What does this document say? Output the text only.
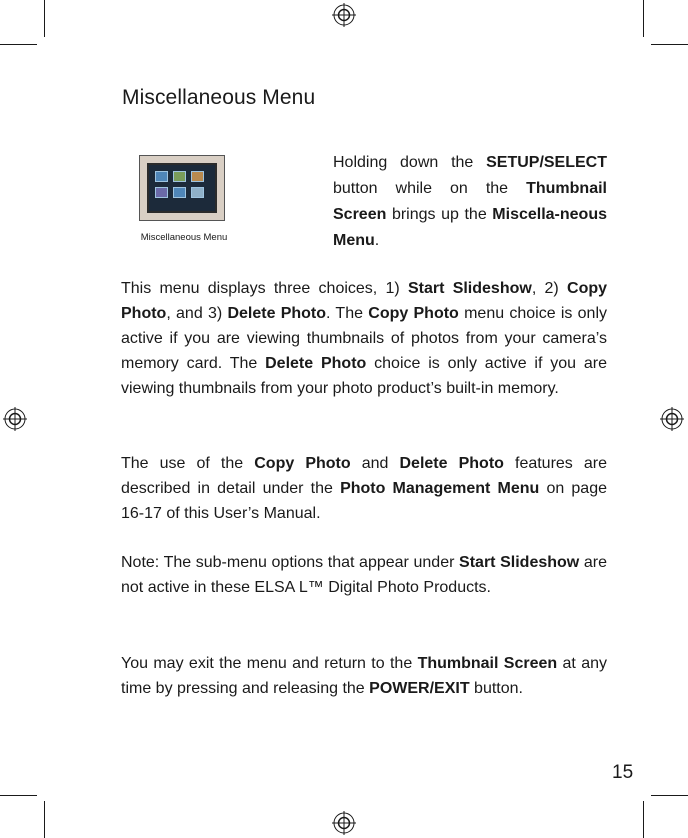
Miscellaneous Menu

Miscellaneous Menu

Holding down the SETUP/SELECT button while on the Thumbnail Screen brings up the Miscella-neous Menu.

This menu displays three choices, 1) Start Slideshow, 2) Copy Photo, and 3) Delete Photo. The Copy Photo menu choice is only active if you are viewing thumbnails of photos from your camera’s memory card. The Delete Photo choice is only active if you are viewing thumbnails from your photo product’s built-in memory.

The use of the Copy Photo and Delete Photo features are described in detail under the Photo Management Menu on page 16-17 of this User’s Manual.

Note: The sub-menu options that appear under Start Slideshow are not active in these ELSA L™ Digital Photo Products.

You may exit the menu and return to the Thumbnail Screen at any time by pressing and releasing the POWER/EXIT button.

15
